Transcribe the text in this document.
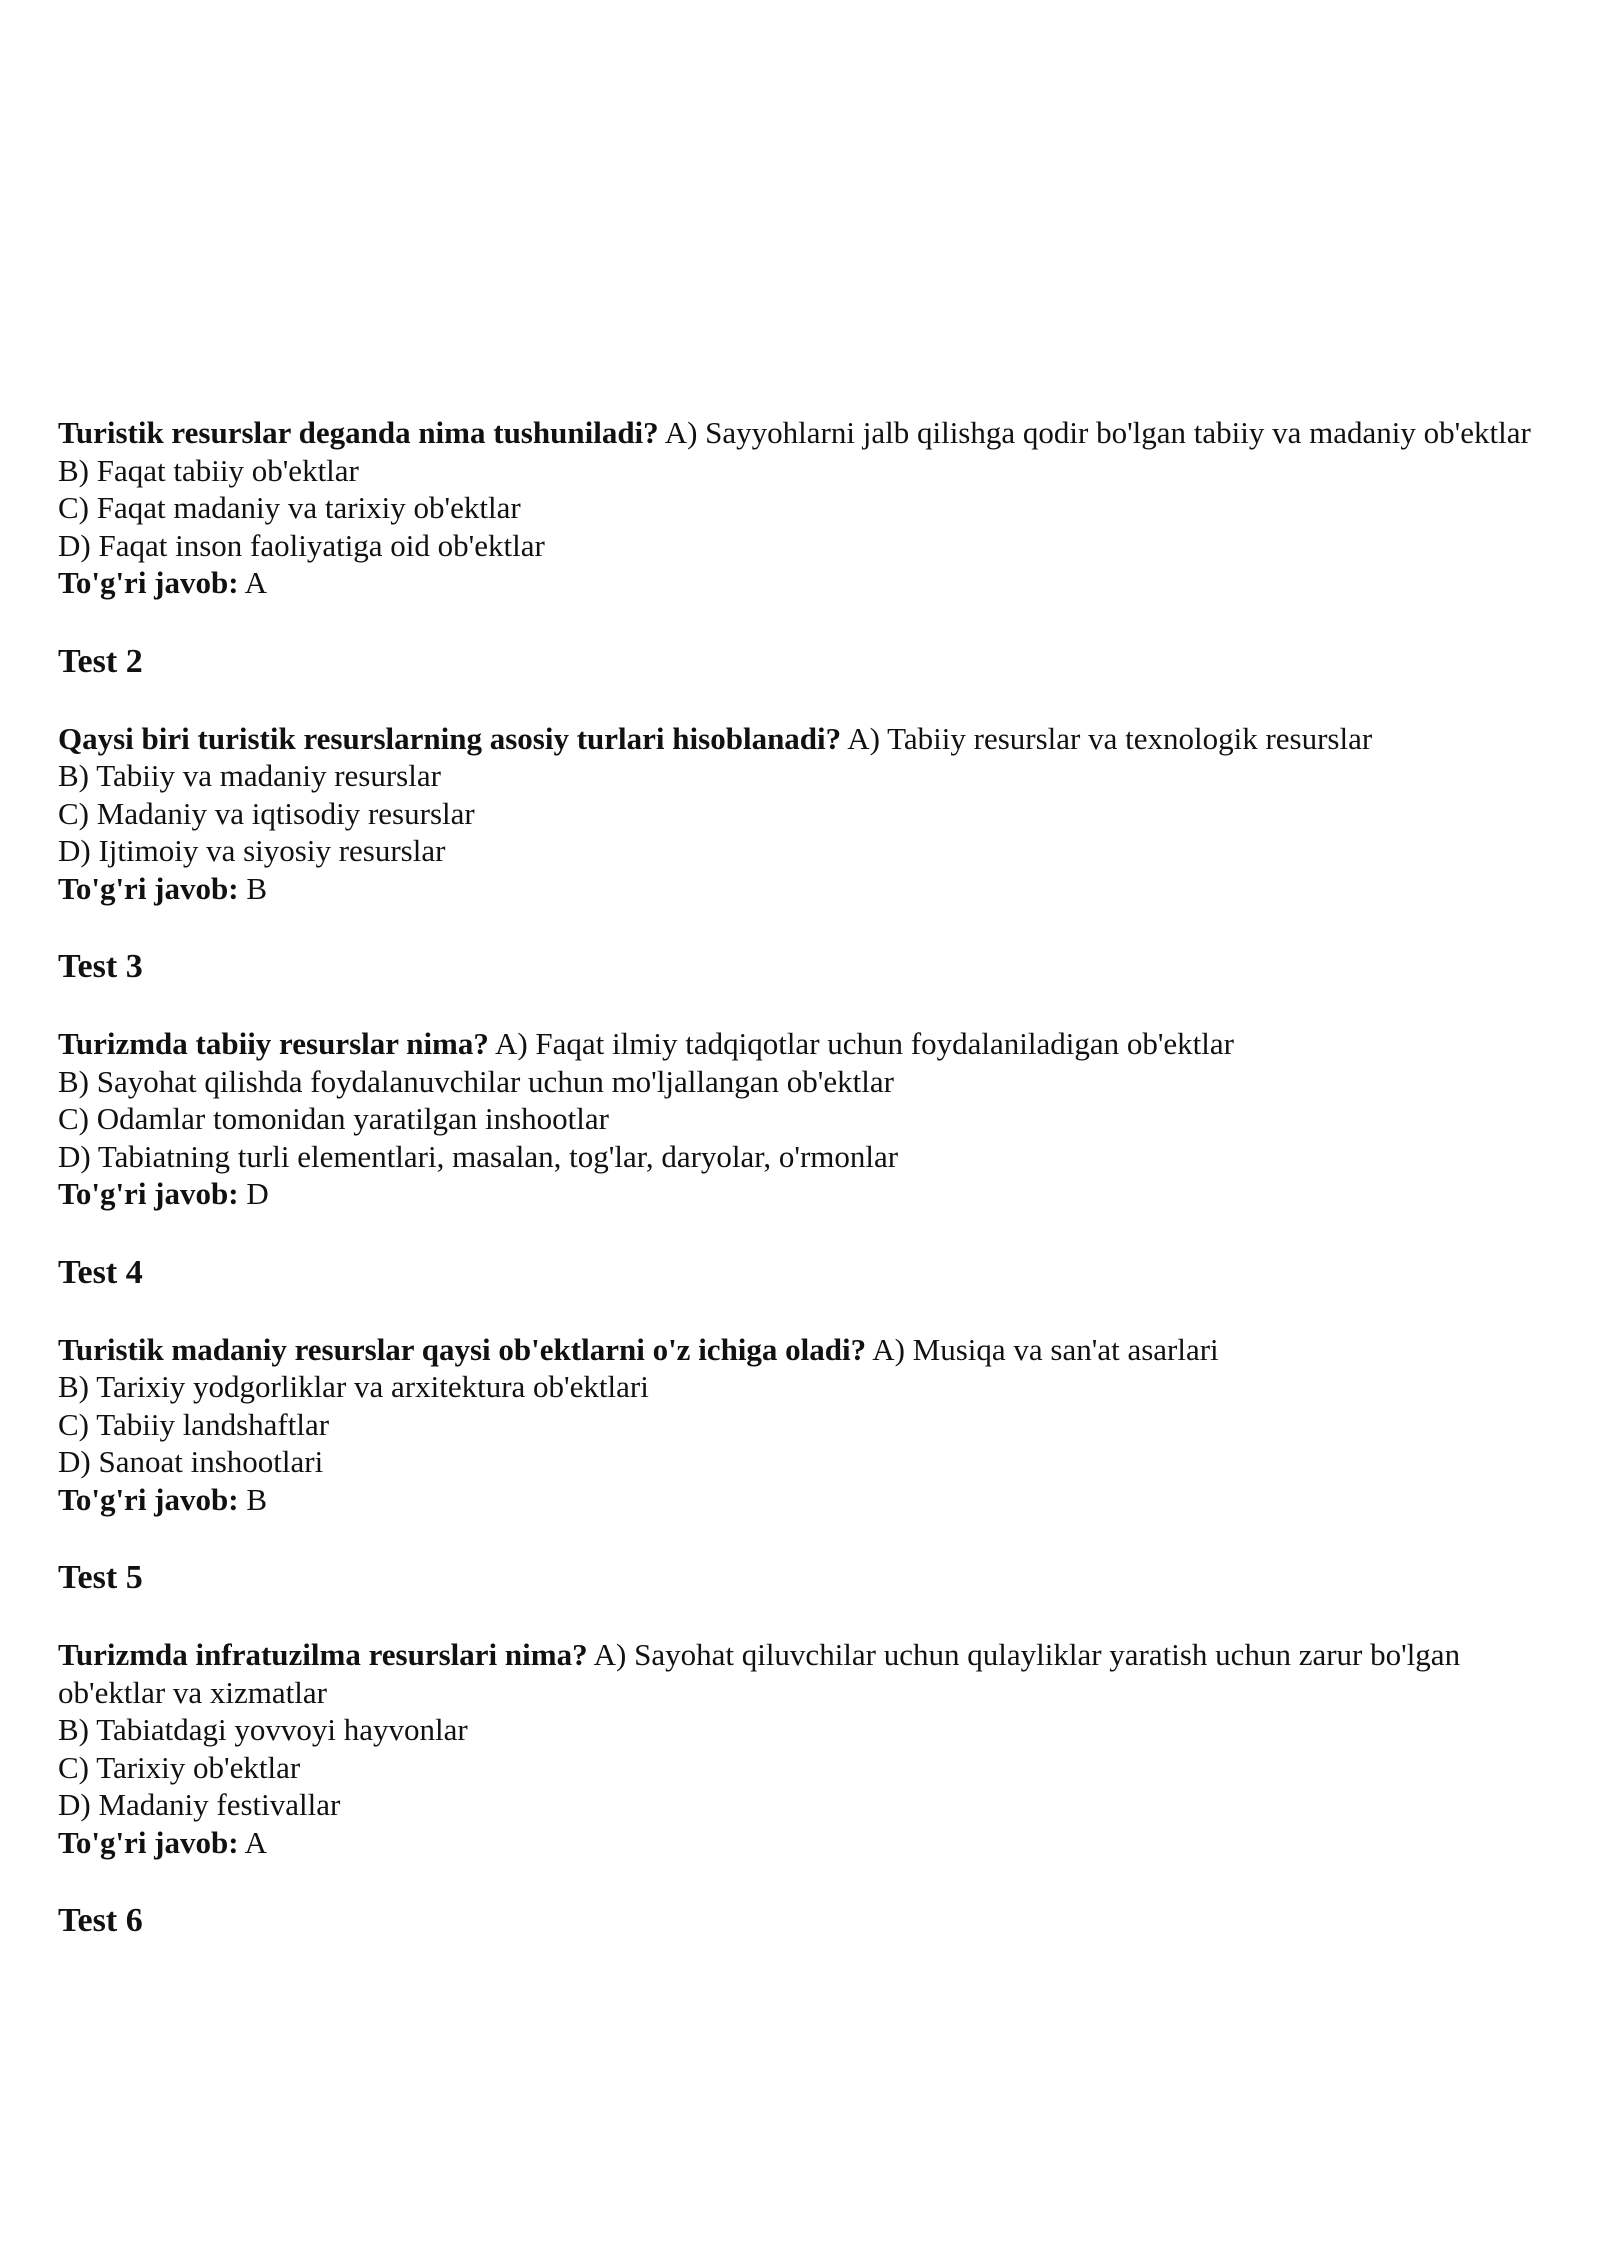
Turistik resurslar deganda nima tushuniladi? A) Sayyohlarni jalb qilishga qodir bo'lgan tabiiy va madaniy ob'ektlar

B) Faqat tabiiy ob'ektlar

C) Faqat madaniy va tarixiy ob'ektlar

D) Faqat inson faoliyatiga oid ob'ektlar

To'g'ri javob: A

Test 2

Qaysi biri turistik resurslarning asosiy turlari hisoblanadi? A) Tabiiy resurslar va texnologik resurslar

B) Tabiiy va madaniy resurslar

C) Madaniy va iqtisodiy resurslar

D) Ijtimoiy va siyosiy resurslar

To'g'ri javob: B

Test 3

Turizmda tabiiy resurslar nima? A) Faqat ilmiy tadqiqotlar uchun foydalaniladigan ob'ektlar

B) Sayohat qilishda foydalanuvchilar uchun mo'ljallangan ob'ektlar

C) Odamlar tomonidan yaratilgan inshootlar

D) Tabiatning turli elementlari, masalan, tog'lar, daryolar, o'rmonlar

To'g'ri javob: D

Test 4

Turistik madaniy resurslar qaysi ob'ektlarni o'z ichiga oladi? A) Musiqa va san'at asarlari

B) Tarixiy yodgorliklar va arxitektura ob'ektlari

C) Tabiiy landshaftlar

D) Sanoat inshootlari

To'g'ri javob: B

Test 5

Turizmda infratuzilma resurslari nima? A) Sayohat qiluvchilar uchun qulayliklar yaratish uchun zarur bo'lgan ob'ektlar va xizmatlar

B) Tabiatdagi yovvoyi hayvonlar

C) Tarixiy ob'ektlar

D) Madaniy festivallar

To'g'ri javob: A

Test 6
